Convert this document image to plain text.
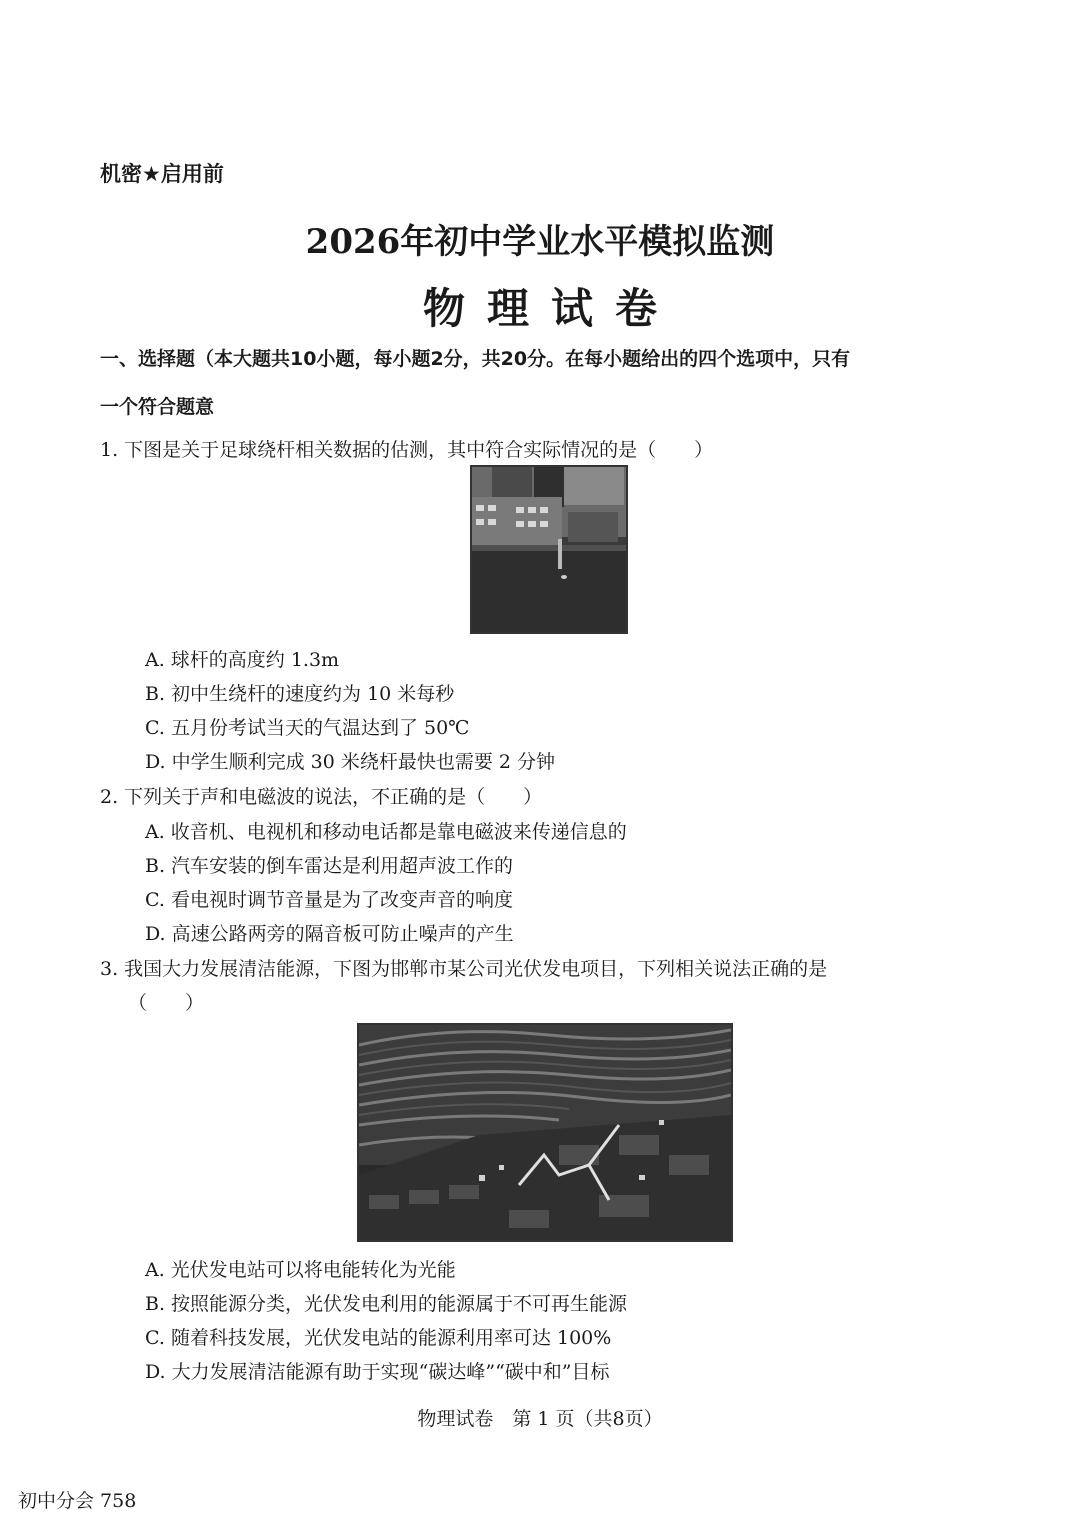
机密★启用前
2026年初中学业水平模拟监测
物理试卷
一、选择题（本大题共10小题，每小题2分，共20分。在每小题给出的四个选项中，只有
一个符合题意
1. 下图是关于足球绕杆相关数据的估测，其中符合实际情况的是（　　）
A. 球杆的高度约 1.3m
B. 初中生绕杆的速度约为 10 米每秒
C. 五月份考试当天的气温达到了 50℃
D. 中学生顺利完成 30 米绕杆最快也需要 2 分钟
2. 下列关于声和电磁波的说法，不正确的是（　　）
A. 收音机、电视机和移动电话都是靠电磁波来传递信息的
B. 汽车安装的倒车雷达是利用超声波工作的
C. 看电视时调节音量是为了改变声音的响度
D. 高速公路两旁的隔音板可防止噪声的产生
3. 我国大力发展清洁能源，下图为邯郸市某公司光伏发电项目，下列相关说法正确的是
（　　）
A. 光伏发电站可以将电能转化为光能
B. 按照能源分类，光伏发电利用的能源属于不可再生能源
C. 随着科技发展，光伏发电站的能源利用率可达 100%
D. 大力发展清洁能源有助于实现“碳达峰”“碳中和”目标
物理试卷　第 1 页（共8页）
初中分会 758
